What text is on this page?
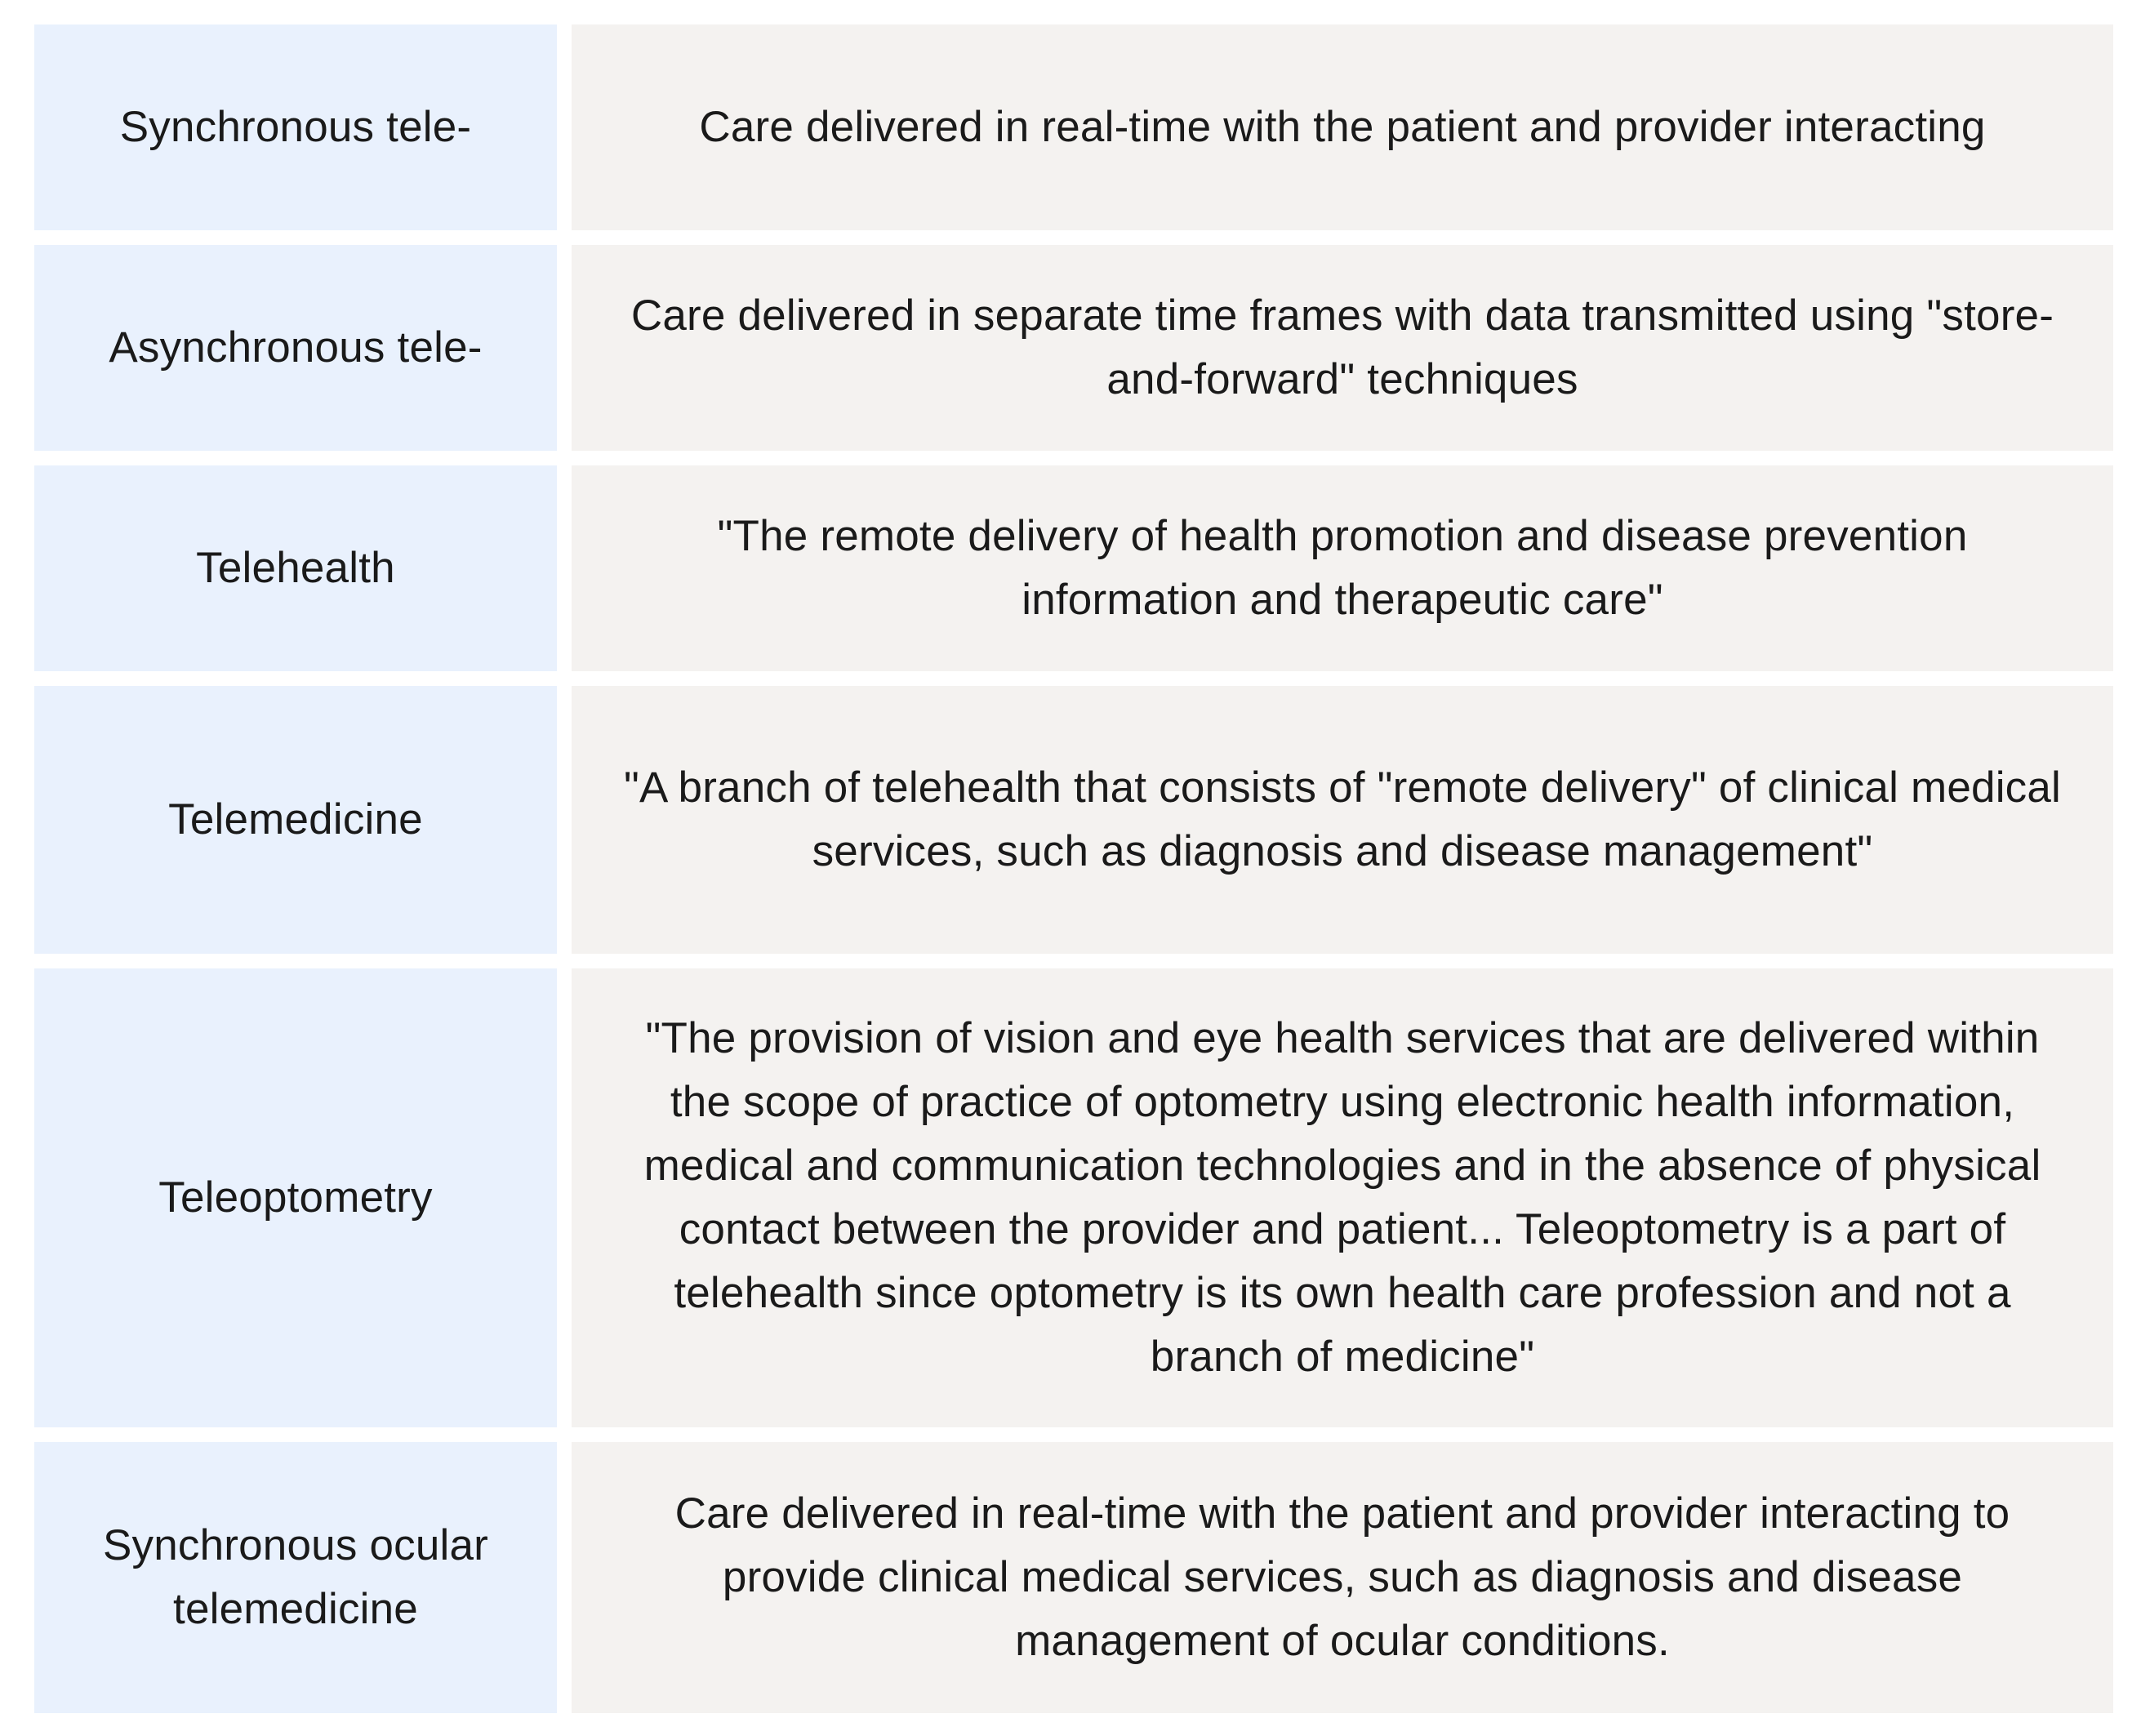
Synchronous tele-	Care delivered in real-time with the patient and provider interacting
Asynchronous tele-
Care delivered in separate time frames with data transmitted using "store-and-forward" techniques
Telehealth
"The remote delivery of health promotion and disease prevention information and therapeutic care"
Telemedicine
"A branch of telehealth that consists of "remote delivery" of clinical medical services, such as diagnosis and disease management"
Teleoptometry
"The provision of vision and eye health services that are delivered within the scope of practice of optometry using electronic health information, medical and communication technologies and in the absence of physical contact between the provider and patient... Teleoptometry is a part of telehealth since optometry is its own health care profession and not a branch of medicine"
Synchronous ocular telemedicine
Care delivered in real-time with the patient and provider interacting to provide clinical medical services, such as diagnosis and disease management of ocular conditions.
